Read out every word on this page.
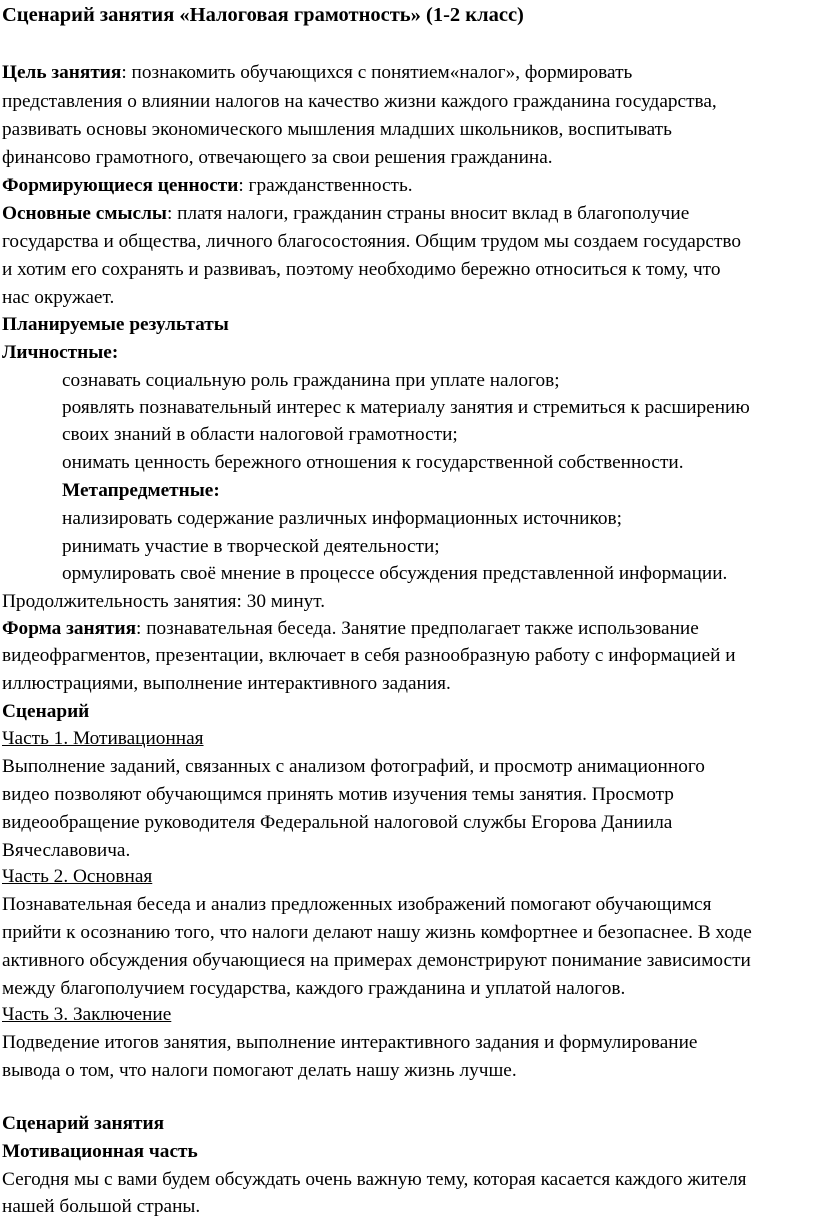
Сценарий занятия «Налоговая грамотность» (1-2 класс)
Цель занятия: познакомить обучающихся с понятием«налог», формировать
представления о влиянии налогов на качество жизни каждого гражданина государства,
развивать основы экономического мышления младших школьников, воспитывать
финансово грамотного, отвечающего за свои решения гражданина.
Формирующиеся ценности: гражданственность.
Основные смыслы: платя налоги, гражданин страны вносит вклад в благополучие
государства и общества, личного благосостояния. Общим трудом мы создаем государство
и хотим его сохранять и развиваъ, поэтому необходимо бережно относиться к тому, что
нас окружает.
Планируемые результаты
Личностные:
сознавать социальную роль гражданина при уплате налогов;
роявлять познавательный интерес к материалу занятия и стремиться к расширению
своих знаний в области налоговой грамотности;
онимать ценность бережного отношения к государственной собственности.
Метапредметные:
нализировать содержание различных информационных источников;
ринимать участие в творческой деятельности;
ормулировать своё мнение в процессе обсуждения представленной информации.
Продолжительность занятия: 30 минут.
Форма занятия: познавательная беседа. Занятие предполагает также использование
видеофрагментов, презентации, включает в себя разнообразную работу с информацией и
иллюстрациями, выполнение интерактивного задания.
Сценарий
Часть 1. Мотивационная
Выполнение заданий, связанных с анализом фотографий, и просмотр анимационного
видео позволяют обучающимся принять мотив изучения темы занятия. Просмотр
видеообращение руководителя Федеральной налоговой службы Егорова Даниила
Вячеславовича.
Часть 2. Основная
Познавательная беседа и анализ предложенных изображений помогают обучающимся
прийти к осознанию того, что налоги делают нашу жизнь комфортнее и безопаснее. В ходе
активного обсуждения обучающиеся на примерах демонстрируют понимание зависимости
между благополучием государства, каждого гражданина и уплатой налогов.
Часть 3. Заключение
Подведение итогов занятия, выполнение интерактивного задания и формулирование
вывода о том, что налоги помогают делать нашу жизнь лучше.
Сценарий занятия
Мотивационная часть
Сегодня мы с вами будем обсуждать очень важную тему, которая касается каждого жителя
нашей большой страны.
